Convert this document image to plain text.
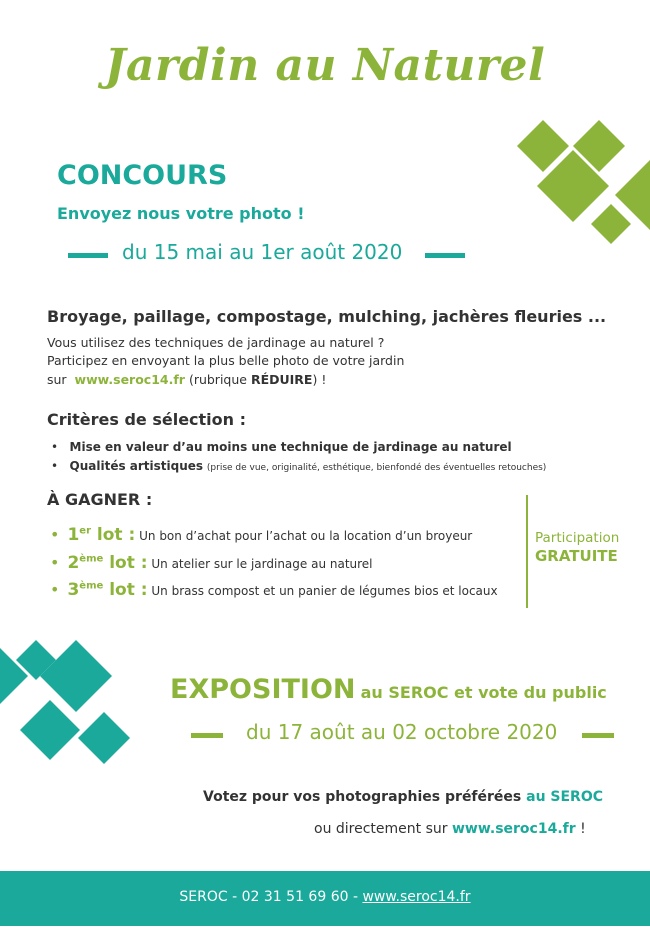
Jardin au Naturel
CONCOURS
Envoyez nous votre photo !
du 15 mai au 1er août 2020
Broyage, paillage, compostage, mulching, jachères fleuries ...
Vous utilisez des techniques de jardinage au naturel ?
Participez en envoyant la plus belle photo de votre jardin
sur www.seroc14.fr (rubrique RÉDUIRE) !
Critères de sélection :
• Mise en valeur d’au moins une technique de jardinage au naturel
• Qualités artistiques (prise de vue, originalité, esthétique, bienfondé des éventuelles retouches)
À GAGNER :
• 1er lot : Un bon d’achat pour l’achat ou la location d’un broyeur
• 2ème lot : Un atelier sur le jardinage au naturel
• 3ème lot : Un brass compost et un panier de légumes bios et locaux
Participation
GRATUITE
EXPOSITION au SEROC et vote du public
du 17 août au 02 octobre 2020
Votez pour vos photographies préférées au SEROC
ou directement sur www.seroc14.fr !
SEROC - 02 31 51 69 60 - www.seroc14.fr
